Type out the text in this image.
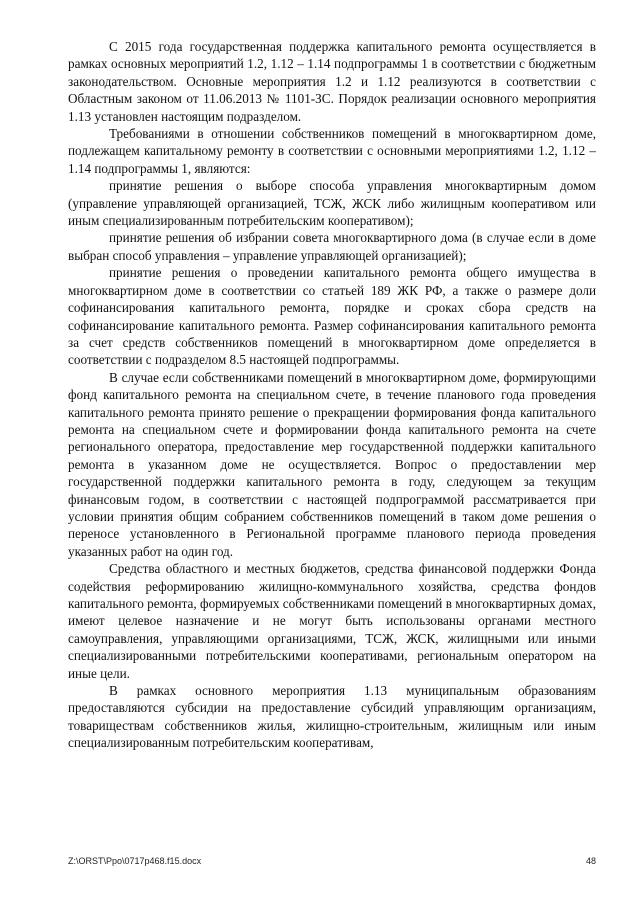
С 2015 года государственная поддержка капитального ремонта осуществляется в рамках основных мероприятий 1.2, 1.12 – 1.14 подпрограммы 1 в соответствии с бюджетным законодательством. Основные мероприятия 1.2 и 1.12 реализуются в соответствии с Областным законом от 11.06.2013 № 1101-ЗС. Порядок реализации основного мероприятия 1.13 установлен настоящим подразделом.

Требованиями в отношении собственников помещений в многоквартирном доме, подлежащем капитальному ремонту в соответствии с основными мероприятиями 1.2, 1.12 – 1.14 подпрограммы 1, являются:

принятие решения о выборе способа управления многоквартирным домом (управление управляющей организацией, ТСЖ, ЖСК либо жилищным кооперативом или иным специализированным потребительским кооперативом);

принятие решения об избрании совета многоквартирного дома (в случае если в доме выбран способ управления – управление управляющей организацией);

принятие решения о проведении капитального ремонта общего имущества в многоквартирном доме в соответствии со статьей 189 ЖК РФ, а также о размере доли софинансирования капитального ремонта, порядке и сроках сбора средств на софинансирование капитального ремонта. Размер софинансирования капитального ремонта за счет средств собственников помещений в многоквартирном доме определяется в соответствии с подразделом 8.5 настоящей подпрограммы.

В случае если собственниками помещений в многоквартирном доме, формирующими фонд капитального ремонта на специальном счете, в течение планового года проведения капитального ремонта принято решение о прекращении формирования фонда капитального ремонта на специальном счете и формировании фонда капитального ремонта на счете регионального оператора, предоставление мер государственной поддержки капитального ремонта в указанном доме не осуществляется. Вопрос о предоставлении мер государственной поддержки капитального ремонта в году, следующем за текущим финансовым годом, в соответствии с настоящей подпрограммой рассматривается при условии принятия общим собранием собственников помещений в таком доме решения о переносе установленного в Региональной программе планового периода проведения указанных работ на один год.

Средства областного и местных бюджетов, средства финансовой поддержки Фонда содействия реформированию жилищно-коммунального хозяйства, средства фондов капитального ремонта, формируемых собственниками помещений в многоквартирных домах, имеют целевое назначение и не могут быть использованы органами местного самоуправления, управляющими организациями, ТСЖ, ЖСК, жилищными или иными специализированными потребительскими кооперативами, региональным оператором на иные цели.

В рамках основного мероприятия 1.13 муниципальным образованиям предоставляются субсидии на предоставление субсидий управляющим организациям, товариществам собственников жилья, жилищно-строительным, жилищным или иным специализированным потребительским кооперативам,

Z:\ORST\Ppo\0717p468.f15.docx	48
